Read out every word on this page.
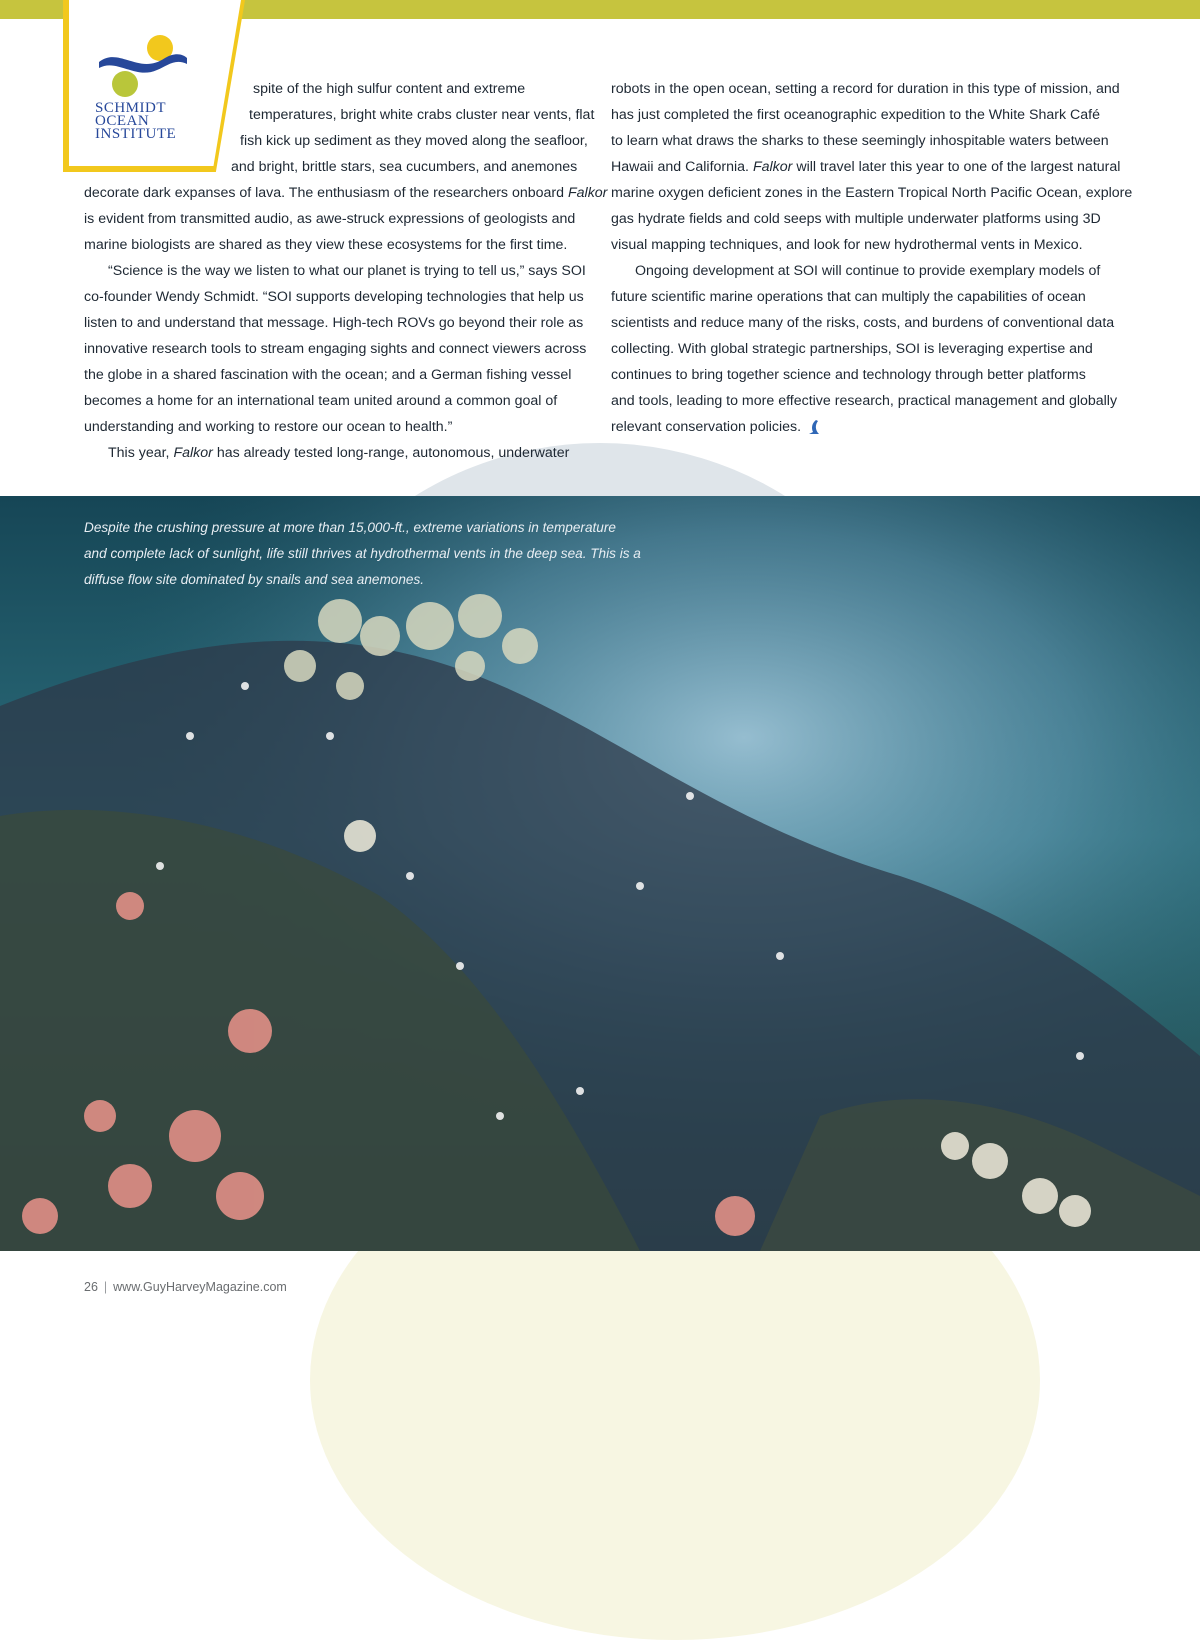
SCHMIDT
OCEAN
INSTITUTE
spite of the high sulfur content and extreme
temperatures, bright white crabs cluster near vents, flat
fish kick up sediment as they moved along the seafloor,
and bright, brittle stars, sea cucumbers, and anemones
decorate dark expanses of lava. The enthusiasm of the researchers onboard Falkor
is evident from transmitted audio, as awe-struck expressions of geologists and
marine biologists are shared as they view these ecosystems for the first time.
“Science is the way we listen to what our planet is trying to tell us,” says SOI
co-founder Wendy Schmidt. “SOI supports developing technologies that help us
listen to and understand that message. High-tech ROVs go beyond their role as
innovative research tools to stream engaging sights and connect viewers across
the globe in a shared fascination with the ocean; and a German fishing vessel
becomes a home for an international team united around a common goal of
understanding and working to restore our ocean to health.”
This year, Falkor has already tested long-range, autonomous, underwater
robots in the open ocean, setting a record for duration in this type of mission, and
has just completed the first oceanographic expedition to the White Shark Café
to learn what draws the sharks to these seemingly inhospitable waters between
Hawaii and California. Falkor will travel later this year to one of the largest natural
marine oxygen deficient zones in the Eastern Tropical North Pacific Ocean, explore
gas hydrate fields and cold seeps with multiple underwater platforms using 3D
visual mapping techniques, and look for new hydrothermal vents in Mexico.
Ongoing development at SOI will continue to provide exemplary models of
future scientific marine operations that can multiply the capabilities of ocean
scientists and reduce many of the risks, costs, and burdens of conventional data
collecting. With global strategic partnerships, SOI is leveraging expertise and
continues to bring together science and technology through better platforms
and tools, leading to more effective research, practical management and globally
relevant conservation policies.
Despite the crushing pressure at more than 15,000-ft., extreme variations in temperature
and complete lack of sunlight, life still thrives at hydrothermal vents in the deep sea. This is a
diffuse flow site dominated by snails and sea anemones.
26 | www.GuyHarveyMagazine.com
